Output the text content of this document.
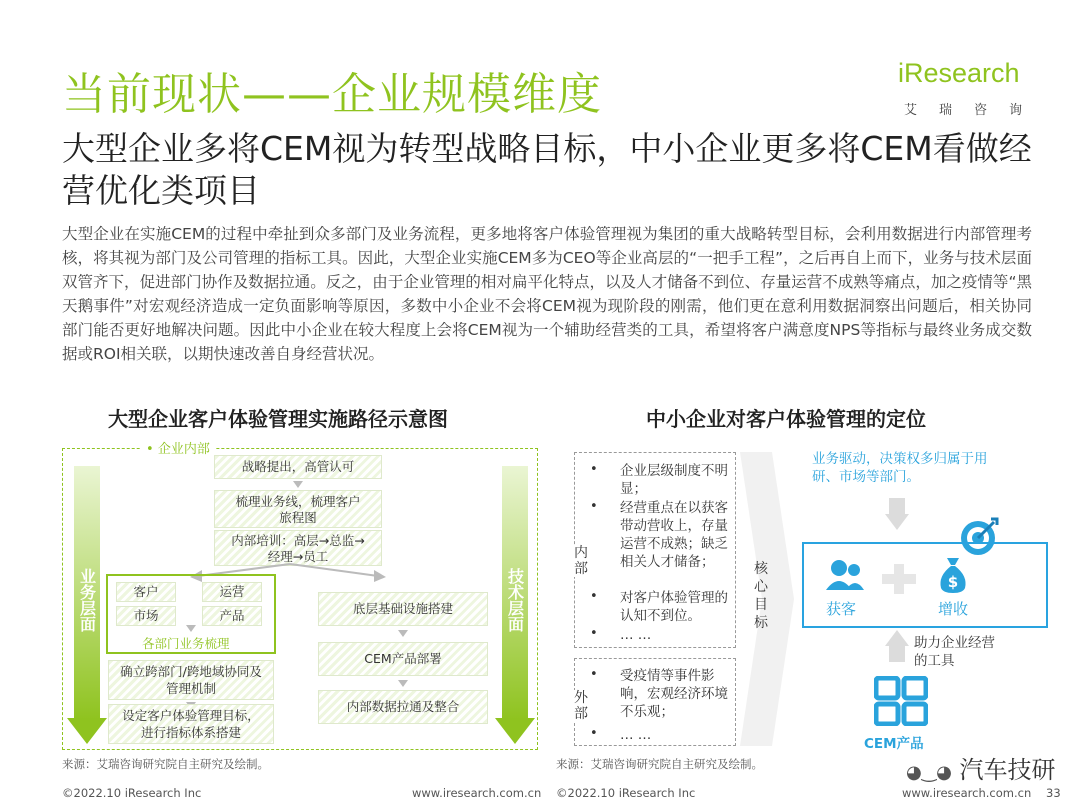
当前现状——企业规模维度	iResearch
艾瑞咨询
大型企业多将CEM视为转型战略目标，中小企业更多将CEM看做经营优化类项目
大型企业在实施CEM的过程中牵扯到众多部门及业务流程，更多地将客户体验管理视为集团的重大战略转型目标，会利用数据进行内部管理考核，将其视为部门及公司管理的指标工具。因此，大型企业实施CEM多为CEO等企业高层的“一把手工程”，之后再自上而下，业务与技术层面双管齐下，促进部门协作及数据拉通。反之，由于企业管理的相对扁平化特点，以及人才储备不到位、存量运营不成熟等痛点，加之疫情等“黑天鹅事件”对宏观经济造成一定负面影响等原因，多数中小企业不会将CEM视为现阶段的刚需，他们更在意利用数据洞察出问题后，相关协同部门能否更好地解决问题。因此中小企业在较大程度上会将CEM视为一个辅助经营类的工具，希望将客户满意度NPS等指标与最终业务成交数据或ROI相关联，以期快速改善自身经营状况。
大型企业客户体验管理实施路径示意图
• 企业内部
业务层面	技术层面
战略提出，高管认可
梳理业务线，梳理客户旅程图
内部培训：高层→总监→经理→员工
客户	运营
市场	产品
各部门业务梳理
确立跨部门/跨地域协同及管理机制
设定客户体验管理目标，进行指标体系搭建
底层基础设施搭建
CEM产品部署
内部数据拉通及整合
来源：艾瑞咨询研究院自主研究及绘制。
中小企业对客户体验管理的定位
内部
• 企业层级制度不明显；
• 经营重点在以获客带动营收上，存量运营不成熟；缺乏相关人才储备；
• 对客户体验管理的认知不到位。
• … …
外部
• 受疫情等事件影响，宏观经济环境不乐观；
• … …
核心目标
业务驱动，决策权多归属于用研、市场等部门。
获客
$
增收
助力企业经营的工具
CEM产品
来源：艾瑞咨询研究院自主研究及绘制。
©2022.10 iResearch Inc	www.iresearch.com.cn ©2022.10 iResearch Inc	www.iresearch.com.cn
◕‿◕ 汽车技研
33
